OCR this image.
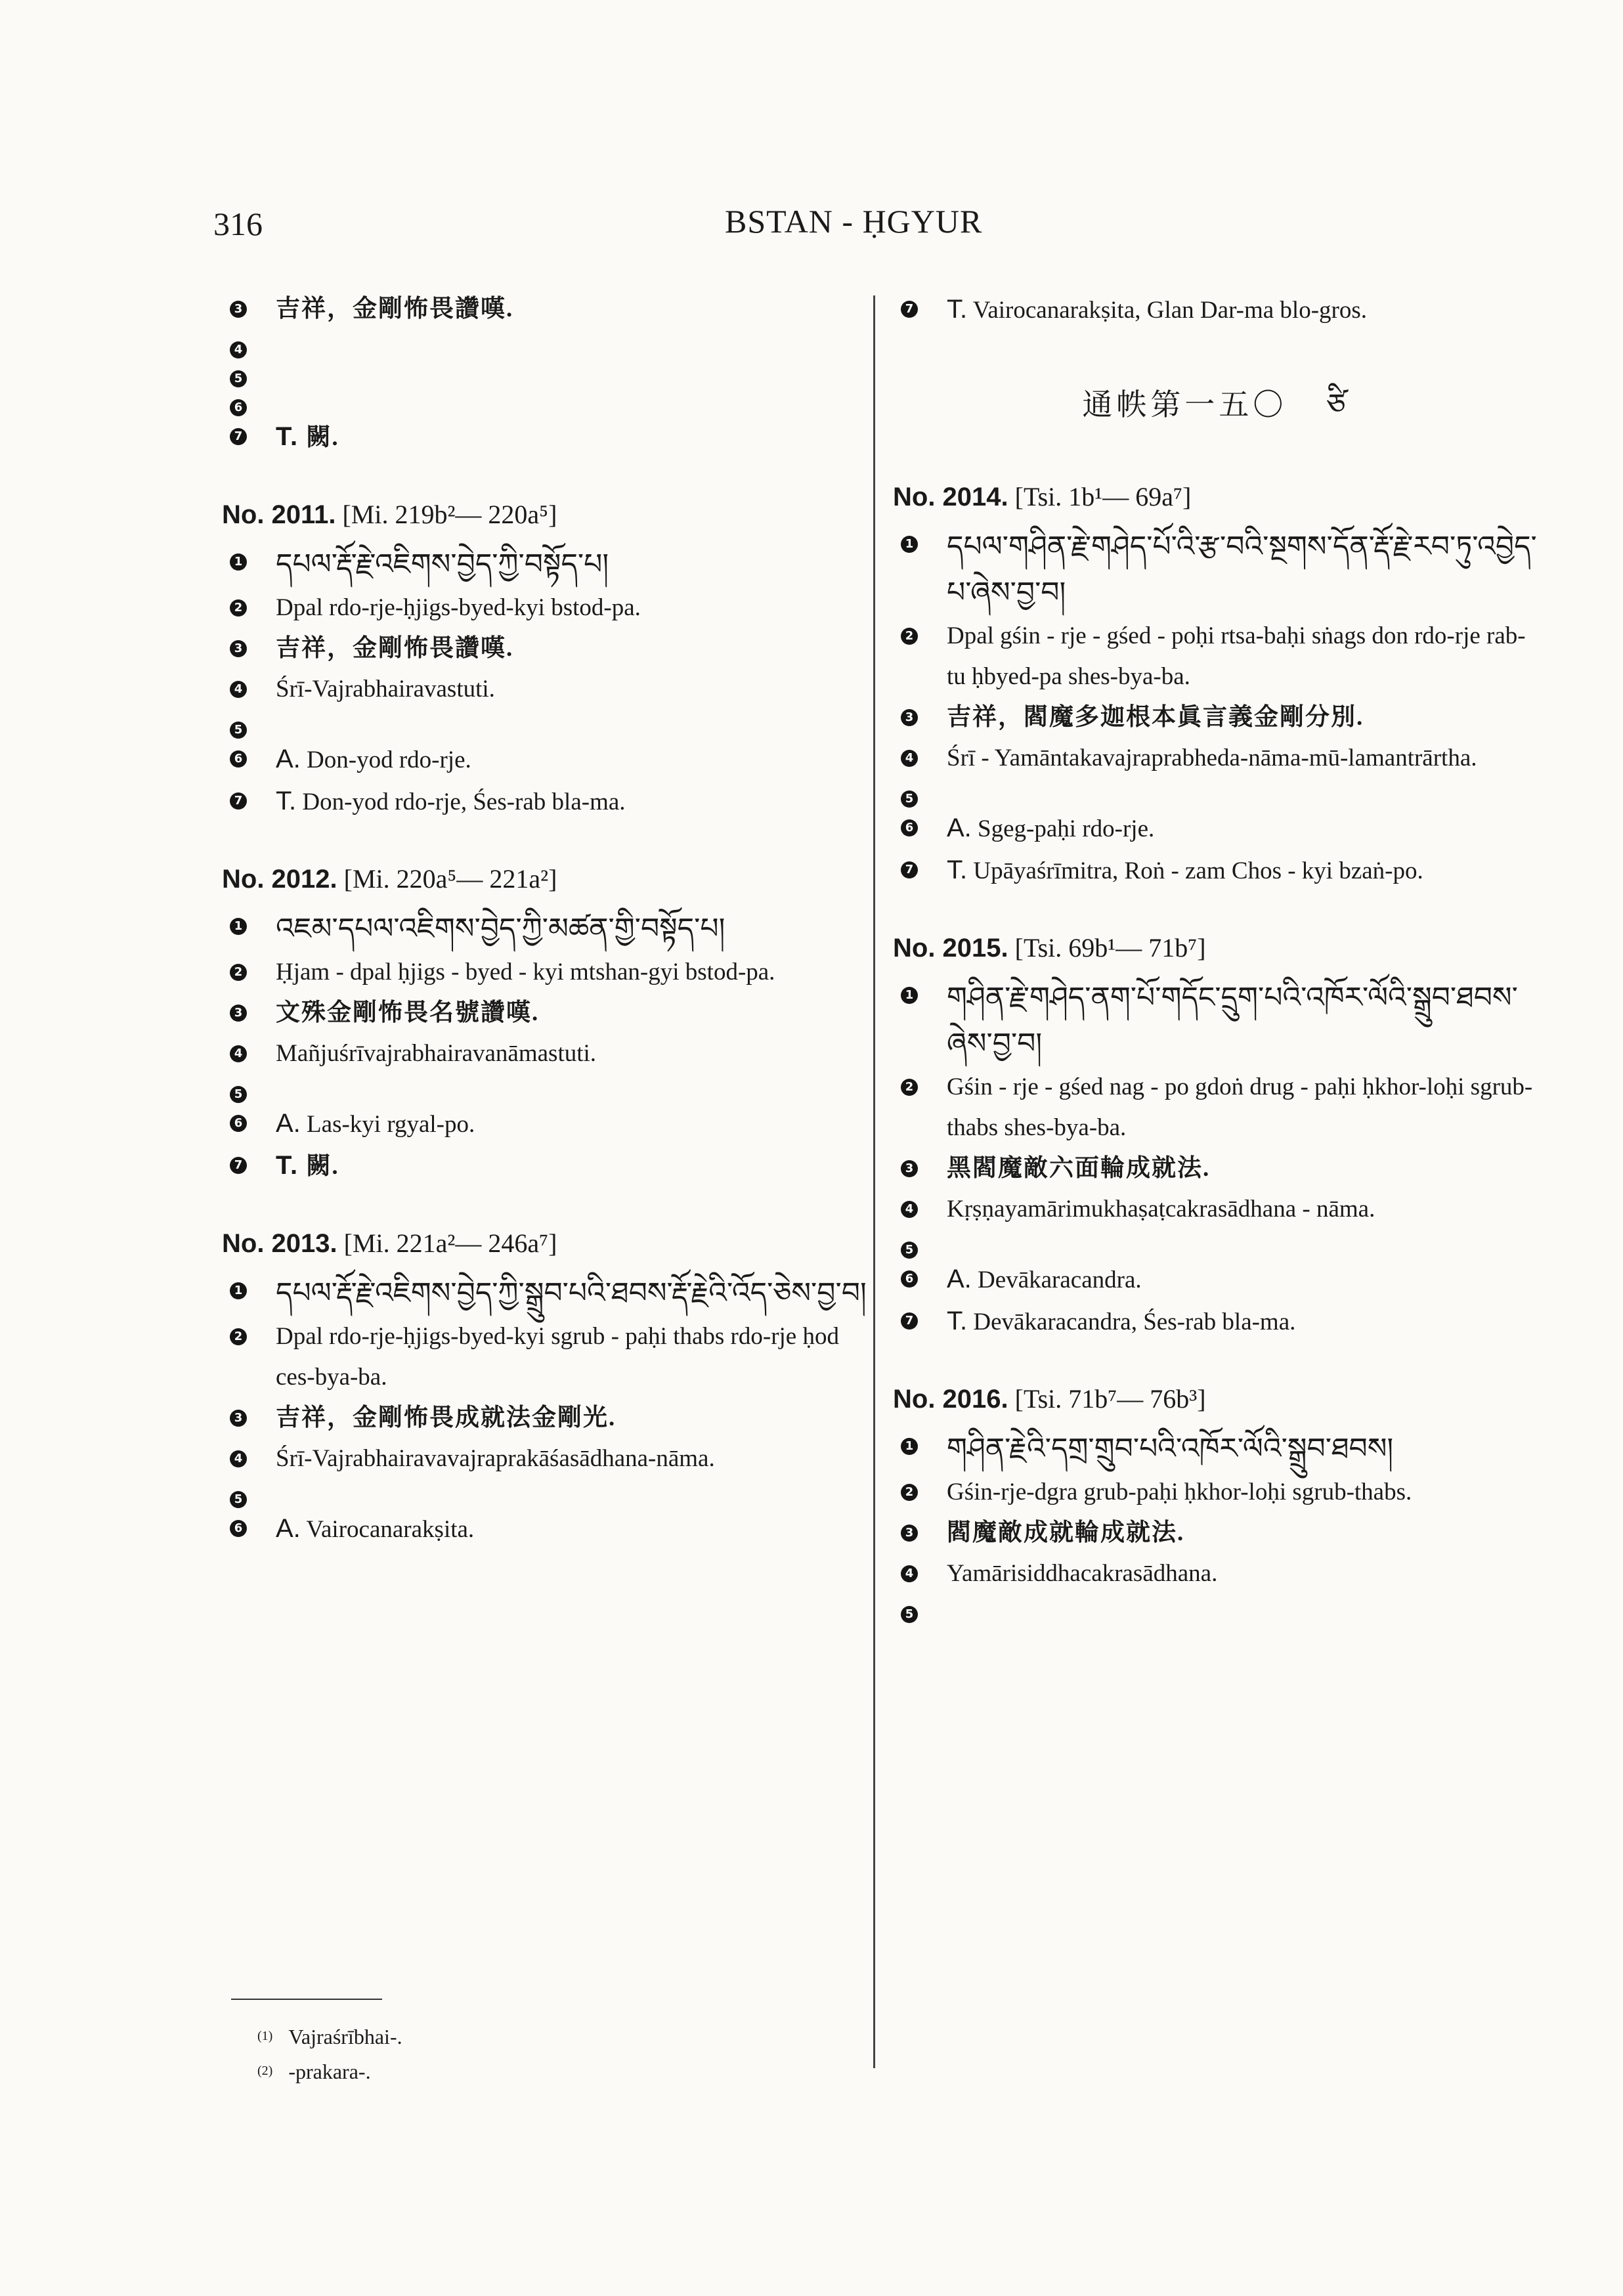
316	BSTAN - ḤGYUR
3 吉祥，金剛怖畏讚嘆.
4
5
6
7 T. 闕.
No. 2011. [Mi. 219b²— 220a⁵]
1 དཔལ་རྡོ་རྗེ་འཇིགས་བྱེད་ཀྱི་བསྟོད་པ།
2 Dpal rdo-rje-ḥjigs-byed-kyi bstod-pa.
3 吉祥，金剛怖畏讚嘆.
4 Śrī-Vajrabhairavastuti.
5
6 A. Don-yod rdo-rje.
7 T. Don-yod rdo-rje, Śes-rab bla-ma.
No. 2012. [Mi. 220a⁵— 221a²]
1 འཇམ་དཔལ་འཇིགས་བྱེད་ཀྱི་མཚན་གྱི་བསྟོད་པ།
2 Ḥjam - dpal ḥjigs - byed - kyi mtshan-gyi bstod-pa.
3 文殊金剛怖畏名號讚嘆.
4 Mañjuśrīvajrabhairavanāmastuti.
5
6 A. Las-kyi rgyal-po.
7 T. 闕.
No. 2013. [Mi. 221a²— 246a⁷]
1 དཔལ་རྡོ་རྗེ་འཇིགས་བྱེད་ཀྱི་སྒྲུབ་པའི་ཐབས་རྡོ་རྗེའི་འོད་ཅེས་བྱ་བ།
2 Dpal rdo-rje-ḥjigs-byed-kyi sgrub - paḥi thabs rdo-rje ḥod ces-bya-ba.
3 吉祥，金剛怖畏成就法金剛光.
4 Śrī-Vajrabhairavavajraprakāśasādhana-nāma.
5
6 A. Vairocanarakṣita.
7 T. Vairocanarakṣita, Glan Dar-ma blo-gros.
通帙第一五〇 ཙི
No. 2014. [Tsi. 1b¹— 69a⁷]
1 དཔལ་གཤིན་རྗེ་གཤེད་པོ་འི་རྩ་བའི་སྔགས་དོན་རྡོ་རྗེ་རབ་ཏུ་འབྱེད་པ་ཞེས་བྱ་བ།
2 Dpal gśin - rje - gśed - poḥi rtsa-baḥi sṅags don rdo-rje rab-tu ḥbyed-pa shes-bya-ba.
3 吉祥，閻魔多迦根本眞言義金剛分別.
4 Śrī - Yamāntakavajraprabheda-nāma-mū-lamantrārtha.
5
6 A. Sgeg-paḥi rdo-rje.
7 T. Upāyaśrīmitra, Roṅ - zam Chos - kyi bzaṅ-po.
No. 2015. [Tsi. 69b¹— 71b⁷]
1 གཤིན་རྗེ་གཤེད་ནག་པོ་གདོང་དྲུག་པའི་འཁོར་ལོའི་སྒྲུབ་ཐབས་ཞེས་བྱ་བ།
2 Gśin - rje - gśed nag - po gdoṅ drug - paḥi ḥkhor-loḥi sgrub-thabs shes-bya-ba.
3 黑閻魔敵六面輪成就法.
4 Kṛṣṇayamārimukhaṣaṭcakrasādhana - nāma.
5
6 A. Devākaracandra.
7 T. Devākaracandra, Śes-rab bla-ma.
No. 2016. [Tsi. 71b⁷— 76b³]
1 གཤིན་རྗེའི་དགྲ་གྲུབ་པའི་འཁོར་ལོའི་སྒྲུབ་ཐབས།
2 Gśin-rje-dgra grub-paḥi ḥkhor-loḥi sgrub-thabs.
3 閻魔敵成就輪成就法.
4 Yamārisiddhacakrasādhana.
5
(1) Vajraśrībhai-.
(2) -prakara-.
